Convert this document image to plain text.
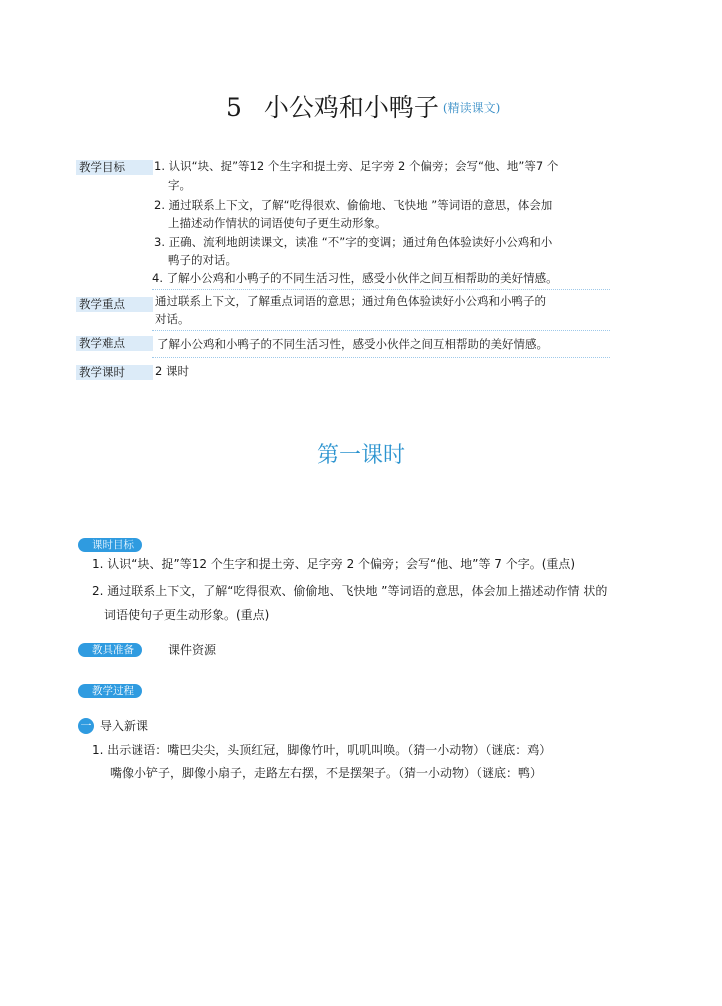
5 小公鸡和小鸭子 (精读课文)
教学目标	1. 认识“块、捉”等12 个生字和提土旁、足字旁 2 个偏旁；会写“他、地”等7 个
字。
2. 通过联系上下文，了解“吃得很欢、偷偷地、飞快地 ”等词语的意思，体会加
上描述动作情状的词语使句子更生动形象。
3. 正确、流利地朗读课文，读准 “不”字的变调；通过角色体验读好小公鸡和小
鸭子的对话。
4. 了解小公鸡和小鸭子的不同生活习性，感受小伙伴之间互相帮助的美好情感。
教学重点	通过联系上下文，了解重点词语的意思；通过角色体验读好小公鸡和小鸭子的
对话。
教学难点	了解小公鸡和小鸭子的不同生活习性，感受小伙伴之间互相帮助的美好情感。
教学课时	2 课时
第一课时
课时目标
1. 认识“块、捉”等12 个生字和提土旁、足字旁 2 个偏旁；会写“他、地”等 7 个字。(重点)
2. 通过联系上下文，了解“吃得很欢、偷偷地、飞快地 ”等词语的意思，体会加上描述动作情 状的
词语使句子更生动形象。(重点)
教具准备	课件资源
教学过程
一 导入新课
1. 出示谜语：嘴巴尖尖，头顶红冠，脚像竹叶，叽叽叫唤。（猜一小动物）（谜底：鸡）
嘴像小铲子，脚像小扇子，走路左右摆，不是摆架子。（猜一小动物）（谜底：鸭）
